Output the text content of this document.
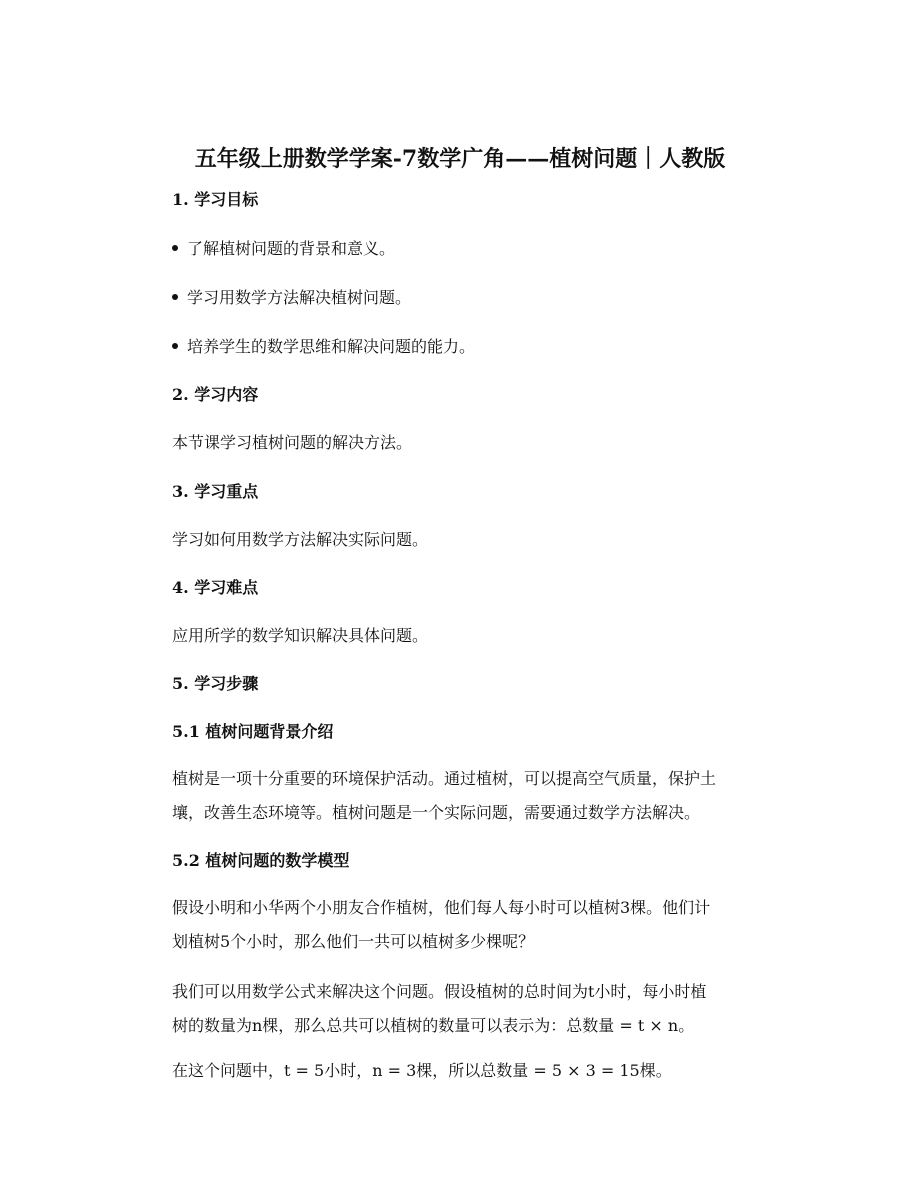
五年级上册数学学案-7数学广角——植树问题｜人教版
1. 学习目标
了解植树问题的背景和意义。
学习用数学方法解决植树问题。
培养学生的数学思维和解决问题的能力。
2. 学习内容

本节课学习植树问题的解决方法。

3. 学习重点

学习如何用数学方法解决实际问题。

4. 学习难点

应用所学的数学知识解决具体问题。

5. 学习步骤
5.1 植树问题背景介绍
植树是一项十分重要的环境保护活动。通过植树，可以提高空气质量，保护土
壤，改善生态环境等。植树问题是一个实际问题，需要通过数学方法解决。
5.2 植树问题的数学模型
假设小明和小华两个小朋友合作植树，他们每人每小时可以植树3棵。他们计
划植树5个小时，那么他们一共可以植树多少棵呢？
我们可以用数学公式来解决这个问题。假设植树的总时间为t小时，每小时植
树的数量为n棵，那么总共可以植树的数量可以表示为：总数量 = t × n。

在这个问题中，t = 5小时，n = 3棵，所以总数量 = 5 × 3 = 15棵。
